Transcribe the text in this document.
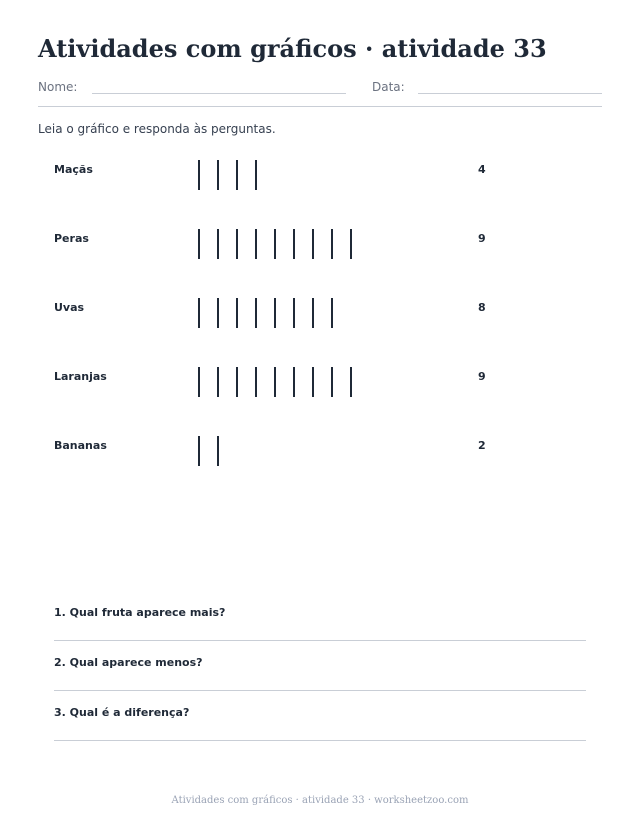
Atividades com gráficos · atividade 33
Nome:	Data:

Leia o gráfico e responda às perguntas.

Maçãs	4
Peras	9
Uvas	8
Laranjas	9
Bananas	2
1. Qual fruta aparece mais?
2. Qual aparece menos?
3. Qual é a diferença?
Atividades com gráficos · atividade 33 · worksheetzoo.com
